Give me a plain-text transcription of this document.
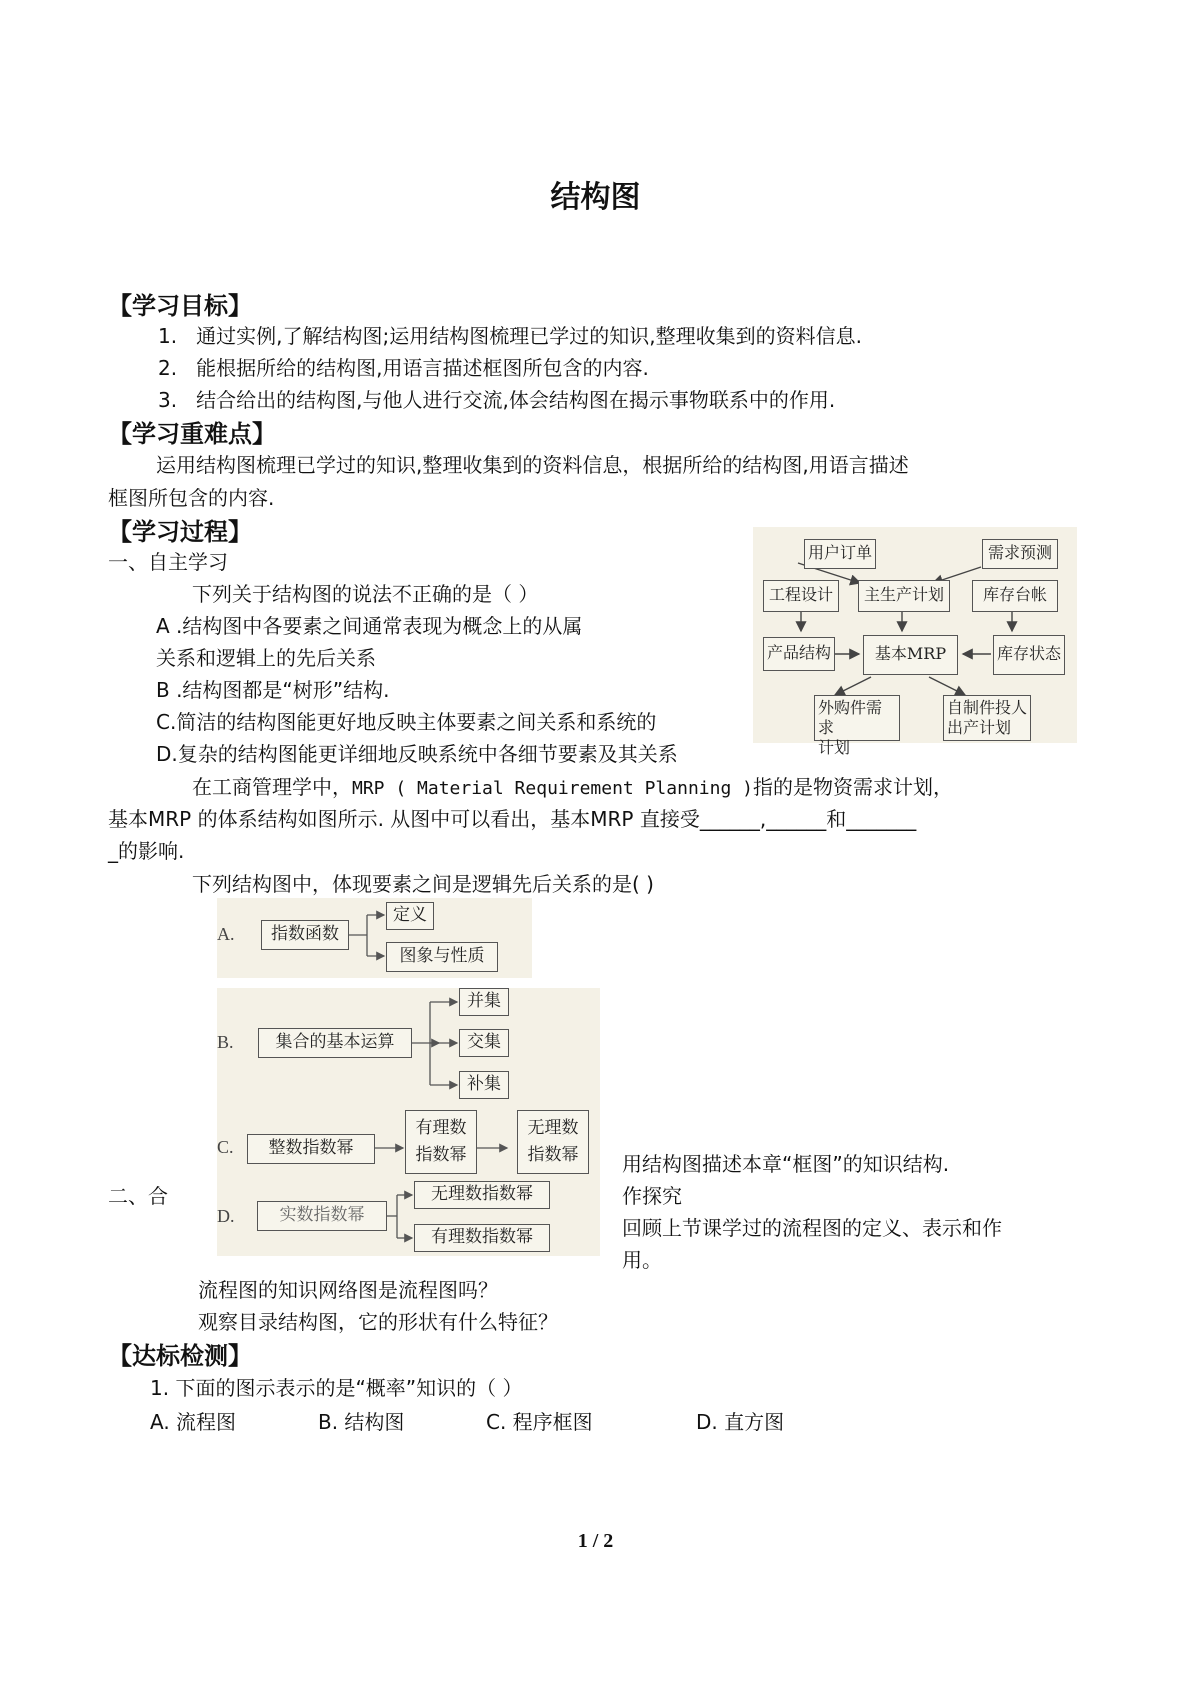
结构图
【学习目标】
1. 通过实例,了解结构图;运用结构图梳理已学过的知识,整理收集到的资料信息.
2. 能根据所给的结构图,用语言描述框图所包含的内容.
3. 结合给出的结构图,与他人进行交流,体会结构图在揭示事物联系中的作用.
【学习重难点】
运用结构图梳理已学过的知识,整理收集到的资料信息，根据所给的结构图,用语言描述
框图所包含的内容.
【学习过程】
一、自主学习
下列关于结构图的说法不正确的是（ ）
A .结构图中各要素之间通常表现为概念上的从属
关系和逻辑上的先后关系
B .结构图都是“树形”结构.
C.简洁的结构图能更好地反映主体要素之间关系和系统的
D.复杂的结构图能更详细地反映系统中各细节要素及其关系
用户订单	需求预测
工程设计	主生产计划	库存台帐
产品结构	基本MRP	库存状态
外购件需求
计划
自制件投人
出产计划
在工商管理学中，MRP ( Material Requirement Planning )指的是物资需求计划，
基本MRP 的体系结构如图所示. 从图中可以看出，基本MRP 直接受______,______和_______
_的影响.
下列结构图中，体现要素之间是逻辑先后关系的是( )
A.	指数函数
定义
图象与性质
B.	集合的基本运算
并集
交集
补集
C.	整数指数幂
有理数
指数幂
无理数
指数幂
D.	实数指数幂
无理数指数幂
有理数指数幂
二、合
用结构图描述本章“框图”的知识结构.
作探究
回顾上节课学过的流程图的定义、表示和作
用。
流程图的知识网络图是流程图吗？
观察目录结构图，它的形状有什么特征？
【达标检测】
1. 下面的图示表示的是“概率”知识的（ ）
A. 流程图	B. 结构图	C. 程序框图	D. 直方图
1 / 2
